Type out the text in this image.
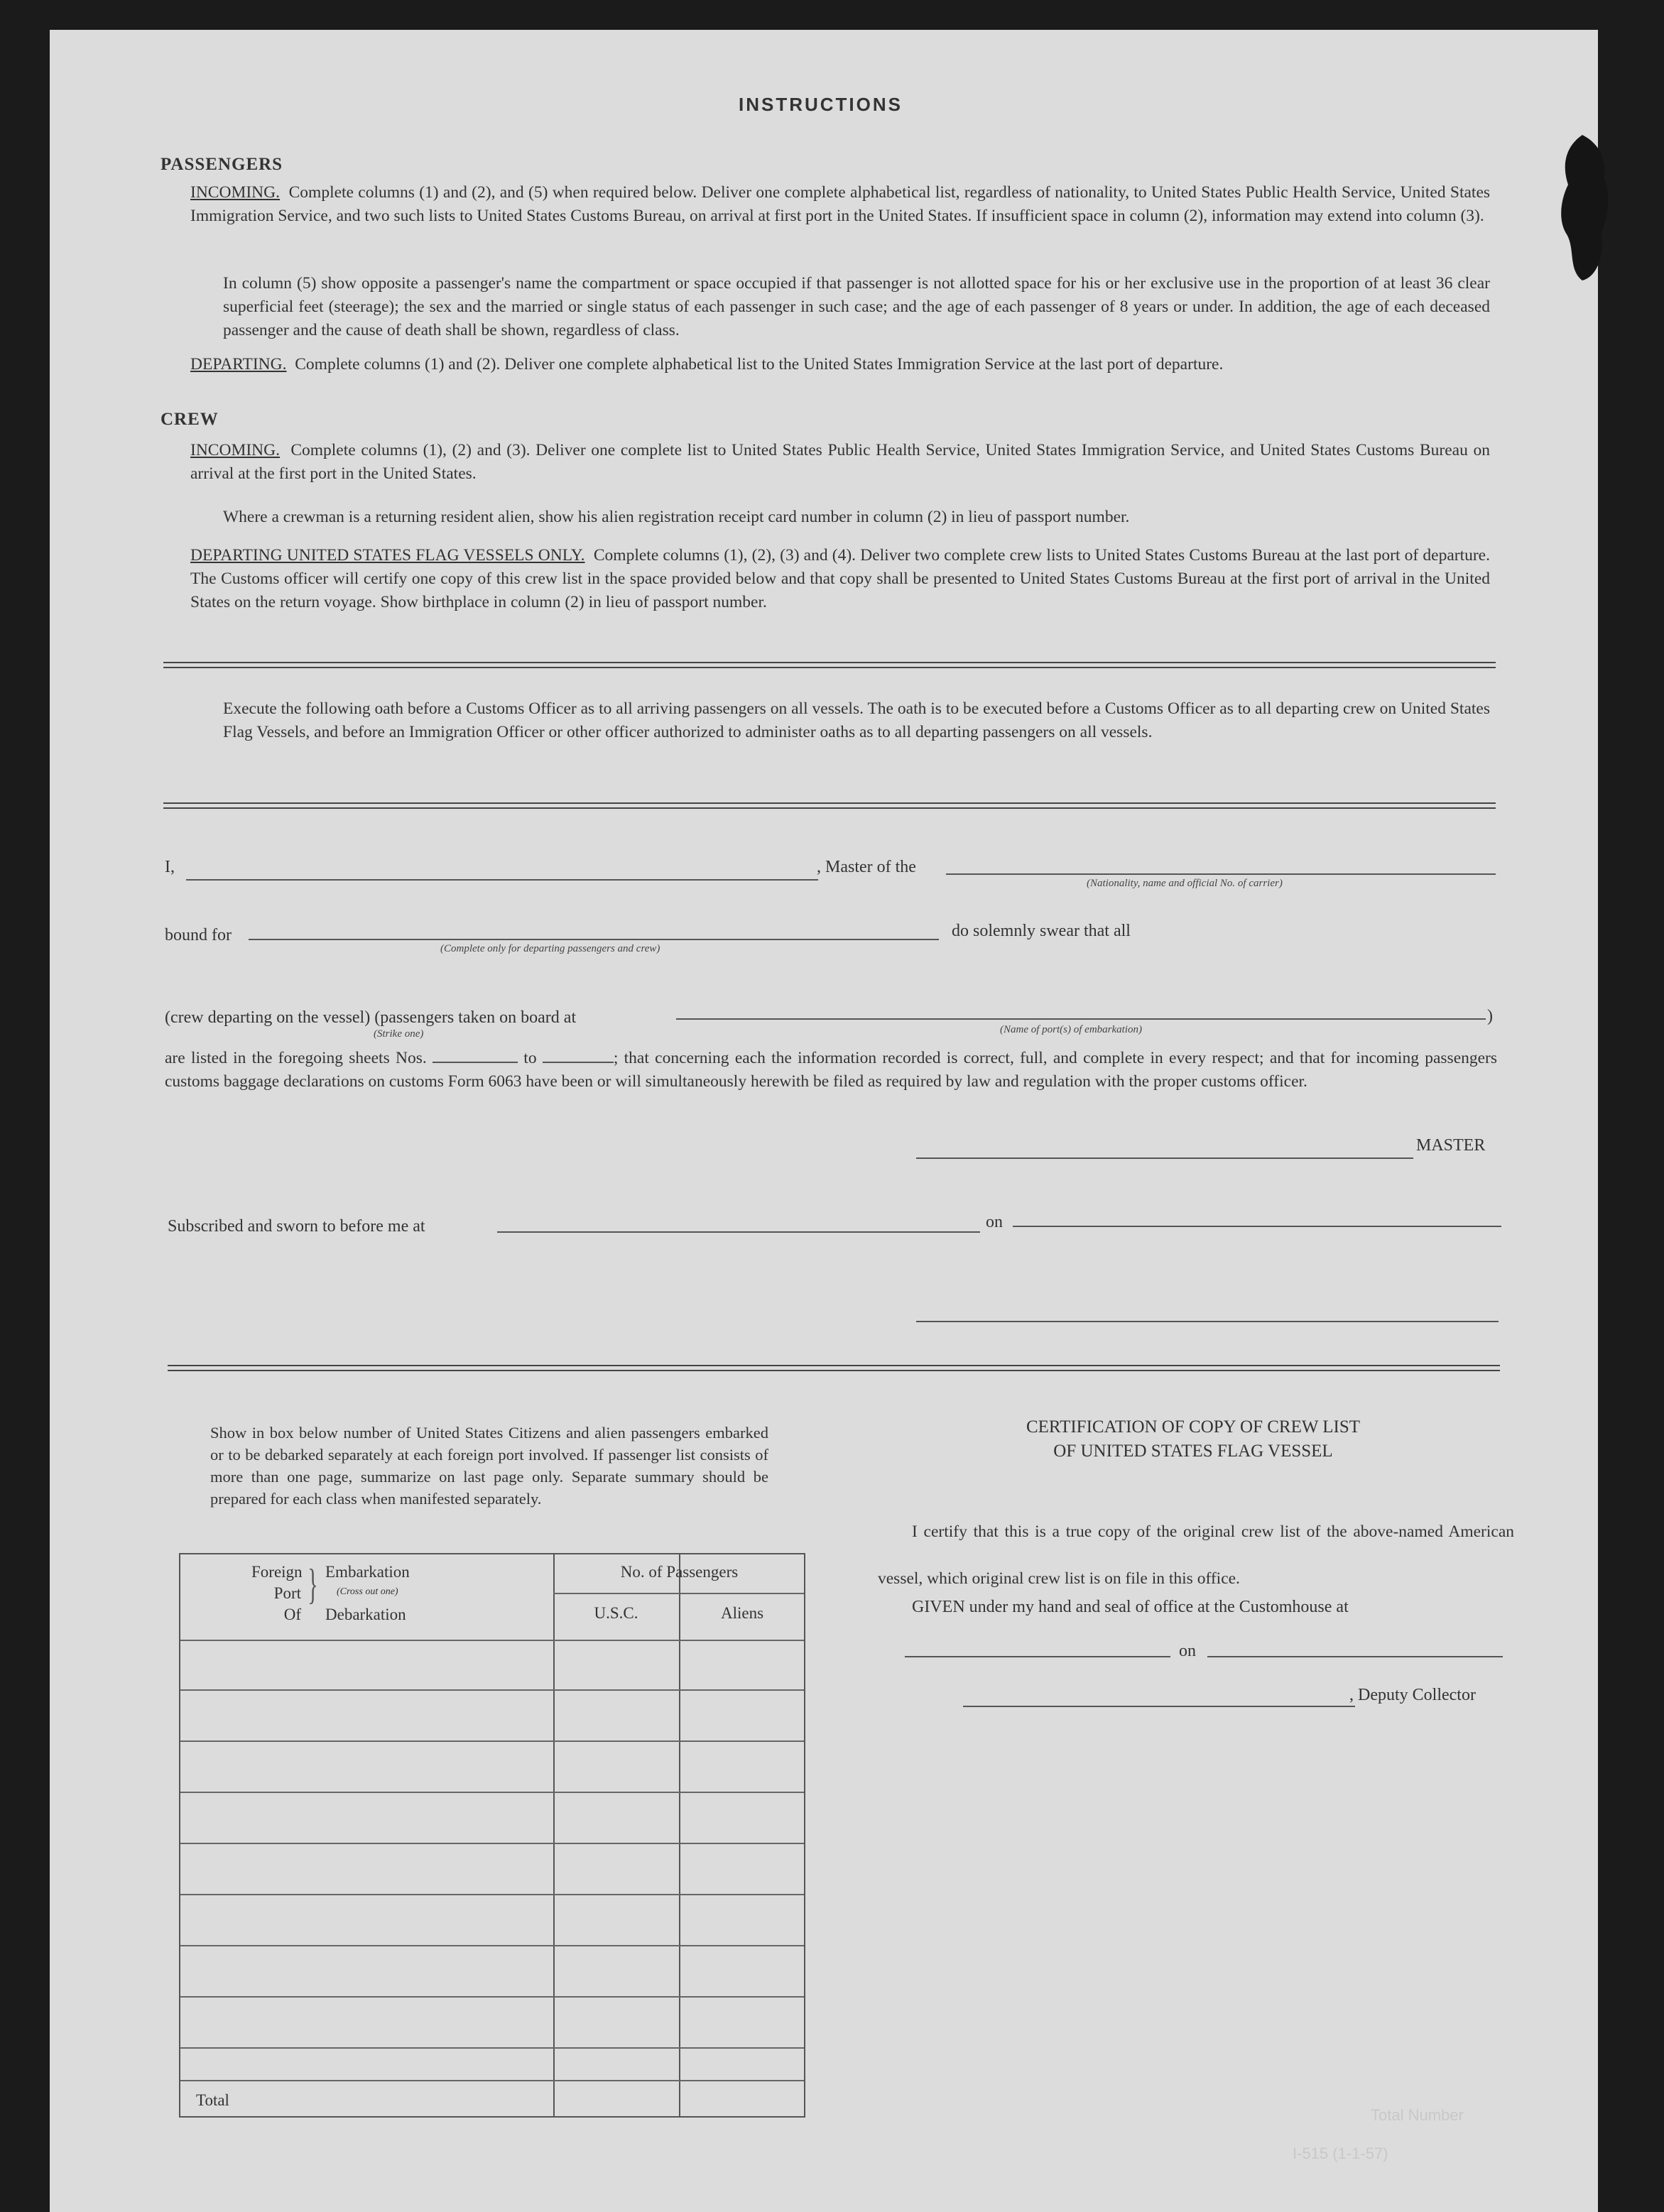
INSTRUCTIONS
PASSENGERS
INCOMING. Complete columns (1) and (2), and (5) when required below. Deliver one complete alphabetical list, regardless of nationality, to United States Public Health Service, United States Immigration Service, and two such lists to United States Customs Bureau, on arrival at first port in the United States. If insufficient space in column (2), information may extend into column (3).
In column (5) show opposite a passenger's name the compartment or space occupied if that passenger is not allotted space for his or her exclusive use in the proportion of at least 36 clear superficial feet (steerage); the sex and the married or single status of each passenger in such case; and the age of each passenger of 8 years or under. In addition, the age of each deceased passenger and the cause of death shall be shown, regardless of class.
DEPARTING. Complete columns (1) and (2). Deliver one complete alphabetical list to the United States Immigration Service at the last port of departure.
CREW
INCOMING. Complete columns (1), (2) and (3). Deliver one complete list to United States Public Health Service, United States Immigration Service, and United States Customs Bureau on arrival at the first port in the United States.
Where a crewman is a returning resident alien, show his alien registration receipt card number in column (2) in lieu of passport number.
DEPARTING UNITED STATES FLAG VESSELS ONLY. Complete columns (1), (2), (3) and (4). Deliver two complete crew lists to United States Customs Bureau at the last port of departure. The Customs officer will certify one copy of this crew list in the space provided below and that copy shall be presented to United States Customs Bureau at the first port of arrival in the United States on the return voyage. Show birthplace in column (2) in lieu of passport number.
Execute the following oath before a Customs Officer as to all arriving passengers on all vessels. The oath is to be executed before a Customs Officer as to all departing crew on United States Flag Vessels, and before an Immigration Officer or other officer authorized to administer oaths as to all departing passengers on all vessels.
I,	, Master of the
(Nationality, name and official No. of carrier)
bound for
(Complete only for departing passengers and crew)
do solemnly swear that all
(crew departing on the vessel) (passengers taken on board at
(Strike one)	(Name of port(s) of embarkation)
)
are listed in the foregoing sheets Nos.	to	; that concerning each the information recorded is correct, full, and complete in every respect; and that for incoming passengers customs baggage declarations on customs Form 6063 have been or will simultaneously herewith be filed as required by law and regulation with the proper customs officer.
MASTER
Subscribed and sworn to before me at	on
Show in box below number of United States Citizens and alien passengers embarked or to be debarked separately at each foreign port involved. If passenger list consists of more than one page, summarize on last page only. Separate summary should be prepared for each class when manifested separately.
Foreign
Port
Of
} Embarkation
(Cross out one)
Debarkation
No. of Passengers
U.S.C.	Aliens
Total
CERTIFICATION OF COPY OF CREW LIST
OF UNITED STATES FLAG VESSEL
I certify that this is a true copy of the original crew list of the above-named American vessel, which original crew list is on file in this office.
GIVEN under my hand and seal of office at the Customhouse at
on
, Deputy Collector
Total Number
I-515 (1-1-57)
